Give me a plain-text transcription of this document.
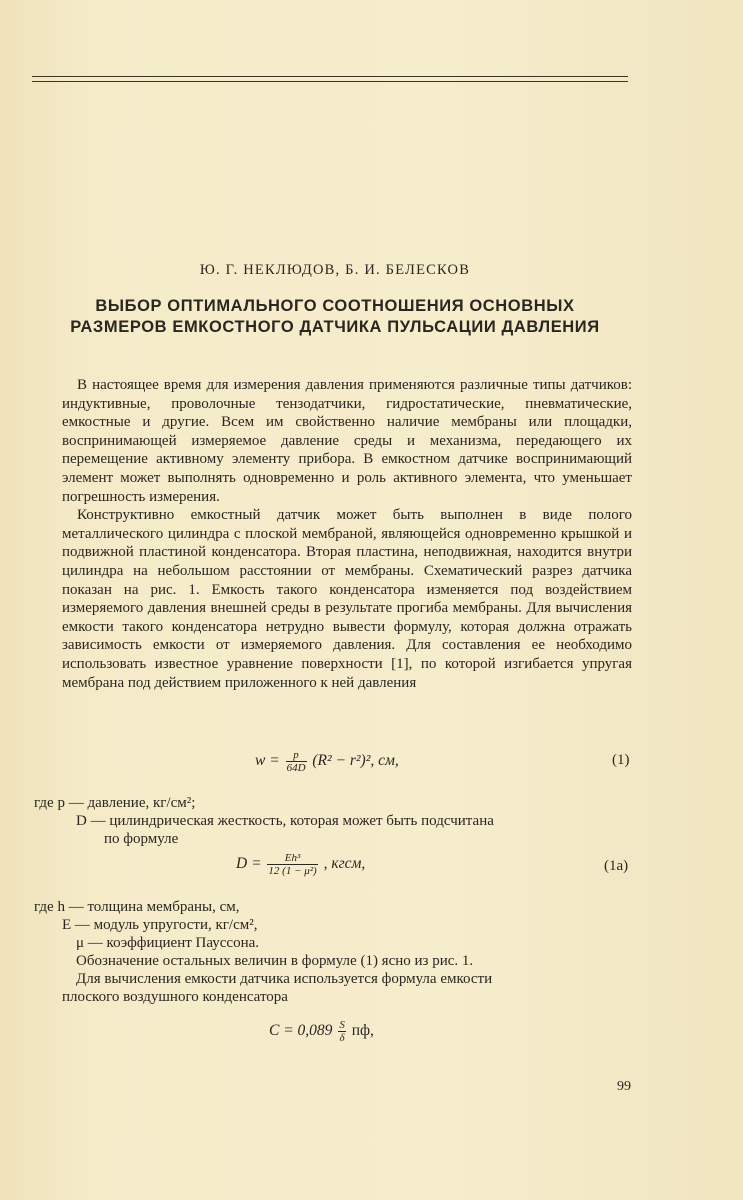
Ю. Г. НЕКЛЮДОВ, Б. И. БЕЛЕСКОВ
ВЫБОР ОПТИМАЛЬНОГО СООТНОШЕНИЯ ОСНОВНЫХ РАЗМЕРОВ ЕМКОСТНОГО ДАТЧИКА ПУЛЬСАЦИИ ДАВЛЕНИЯ

В настоящее время для измерения давления применяются различные типы датчиков: индуктивные, проволочные тензодатчики, гидростатические, пневматические, емкостные и другие. Всем им свойственно наличие мембраны или площадки, воспринимающей измеряемое давление среды и механизма, передающего их перемещение активному элементу прибора. В емкостном датчике воспринимающий элемент может выполнять одновременно и роль активного элемента, что уменьшает погрешность измерения.

Конструктивно емкостный датчик может быть выполнен в виде полого металлического цилиндра с плоской мембраной, являющейся одновременно крышкой и подвижной пластиной конденсатора. Вторая пластина, неподвижная, находится внутри цилиндра на небольшом расстоянии от мембраны. Схематический разрез датчика показан на рис. 1. Емкость такого конденсатора изменяется под воздействием измеряемого давления внешней среды в результате прогиба мембраны. Для вычисления емкости такого конденсатора нетрудно вывести формулу, которая должна отражать зависимость емкости от измеряемого давления. Для составления ее необходимо использовать известное уравнение поверхности [1], по которой изгибается упругая мембрана под действием приложенного к ней давления

$w = \frac{p}{64D} (R^2 - r^2)^2$, см,	(1)
где p — давление, кг/см²;
D — цилиндрическая жесткость, которая может быть подсчитана
по формуле
$D = \frac{\text{Eh³}}{\text{12 (1 − μ²)}}$ , кгсм,	(1а)
где h — толщина мембраны, см,
E — модуль упругости, кг/см²,
μ — коэффициент Пауссона.
Обозначение остальных величин в формуле (1) ясно из рис. 1.
Для вычисления емкости датчика используется формула емкости
плоского воздушного конденсатора
$C = 0,089 \frac{S}{\delta}$ пф,
99
